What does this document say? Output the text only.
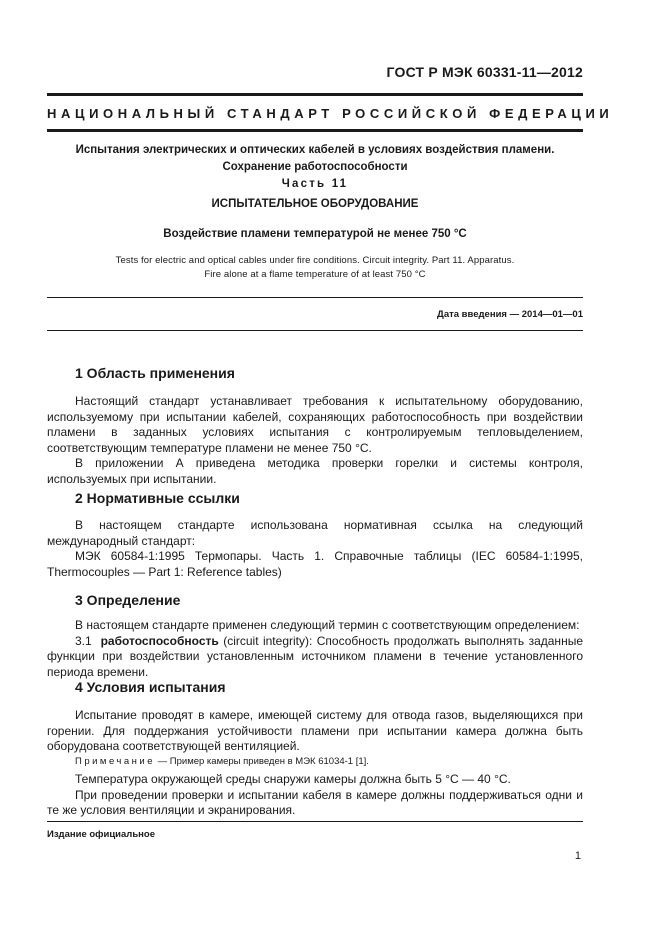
ГОСТ Р МЭК 60331-11—2012
НАЦИОНАЛЬНЫЙ СТАНДАРТ РОССИЙСКОЙ ФЕДЕРАЦИИ
Испытания электрических и оптических кабелей в условиях воздействия пламени.
Сохранение работоспособности
Часть 11
ИСПЫТАТЕЛЬНОЕ ОБОРУДОВАНИЕ
Воздействие пламени температурой не менее 750 °C
Tests for electric and optical cables under fire conditions. Circuit integrity. Part 11. Apparatus.
Fire alone at a flame temperature of at least 750 °C
Дата введения — 2014—01—01
1 Область применения

Настоящий стандарт устанавливает требования к испытательному оборудованию, используемому при испытании кабелей, сохраняющих работоспособность при воздействии пламени в заданных условиях испытания с контролируемым тепловыделением, соответствующим температуре пламени не менее 750 °C.

В приложении А приведена методика проверки горелки и системы контроля, используемых при испытании.

2 Нормативные ссылки

В настоящем стандарте использована нормативная ссылка на следующий международный стандарт:

МЭК 60584-1:1995 Термопары. Часть 1. Справочные таблицы (IEC 60584-1:1995, Thermocouples — Part 1: Reference tables)

3 Определение

В настоящем стандарте применен следующий термин с соответствующим определением:

3.1 работоспособность (circuit integrity): Способность продолжать выполнять заданные функции при воздействии установленным источником пламени в течение установленного периода времени.

4 Условия испытания

Испытание проводят в камере, имеющей систему для отвода газов, выделяющихся при горении. Для поддержания устойчивости пламени при испытании камера должна быть оборудована соответствующей вентиляцией.

Примечание — Пример камеры приведен в МЭК 61034-1 [1].

Температура окружающей среды снаружи камеры должна быть 5 °C — 40 °C.

При проведении проверки и испытании кабеля в камере должны поддерживаться одни и те же условия вентиляции и экранирования.

Издание официальное
1
